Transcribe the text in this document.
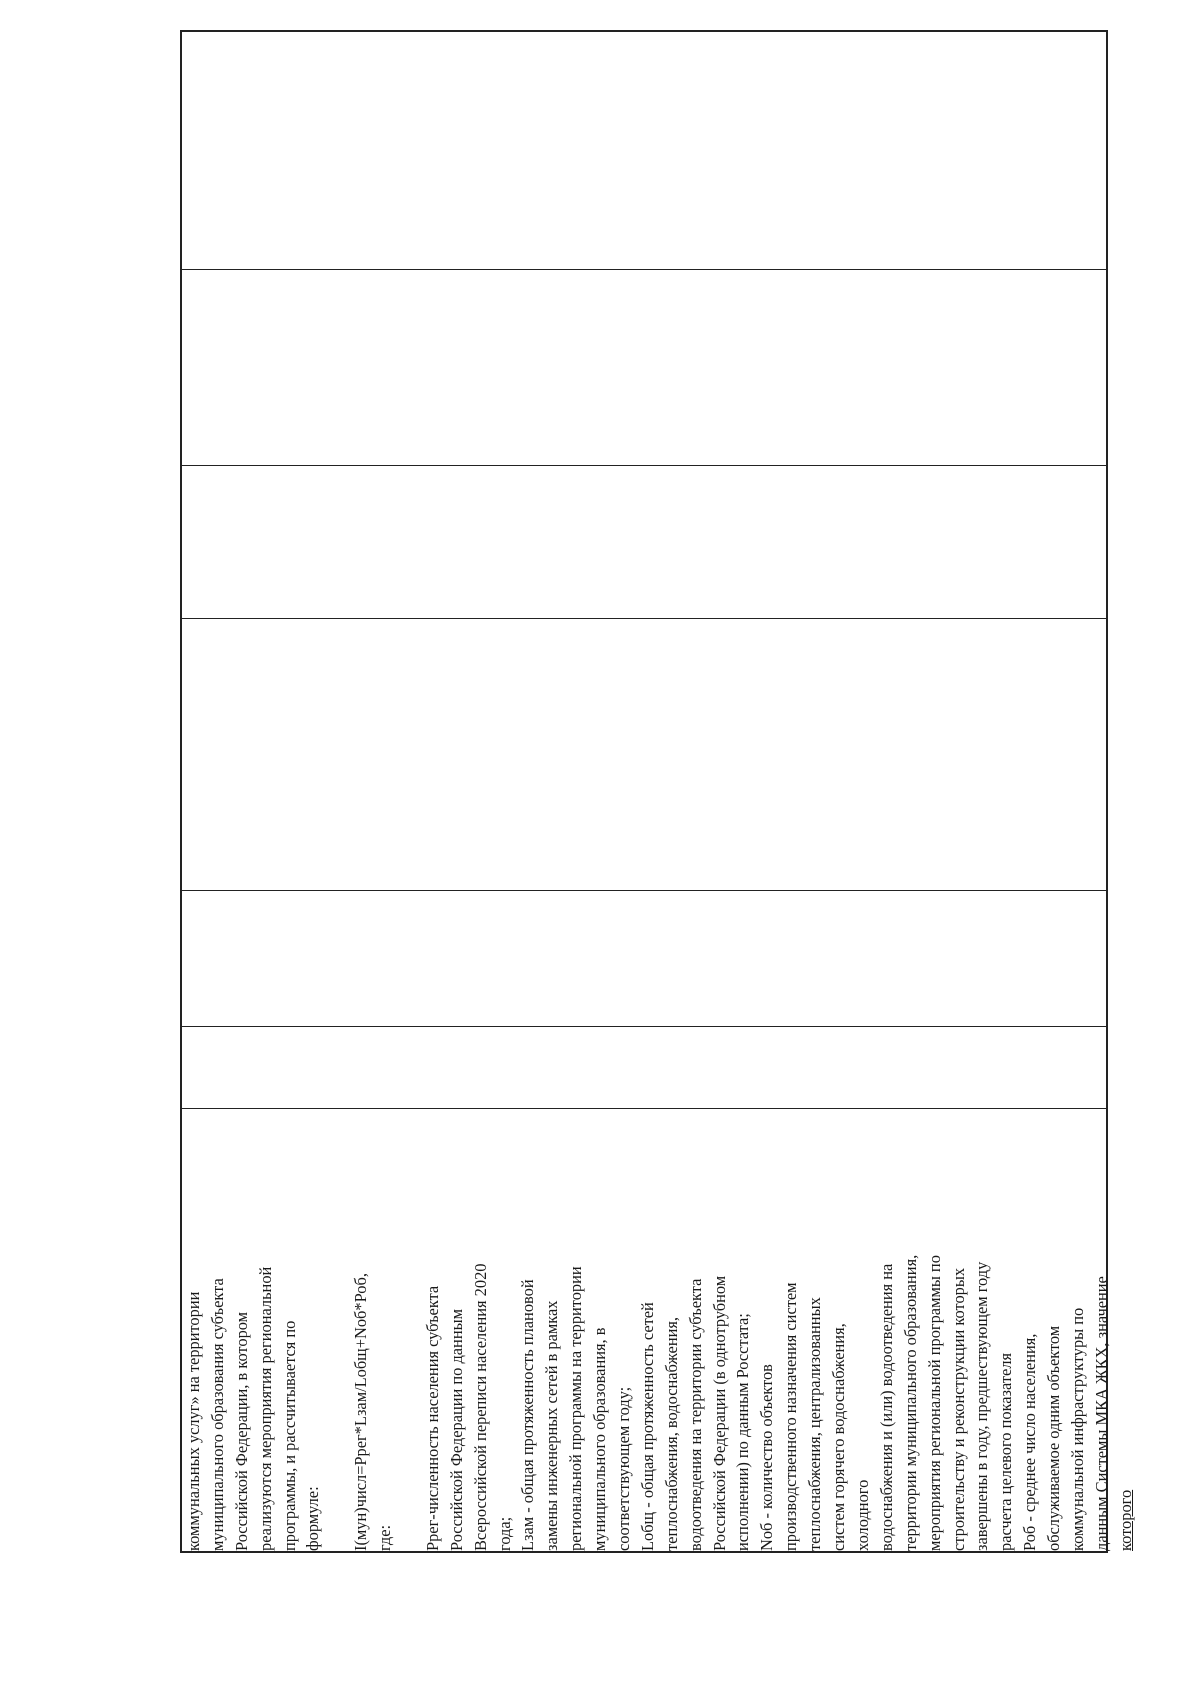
коммунальных услуг» на территории муниципального образования субъекта Российской Федерации, в котором реализуются мероприятия региональной программы, и рассчитывается по формуле: I(мун)числ=Ррег*Lзам/Lобщ+Nоб*Роб, где: Ррег-численность населения субъекта Российской Федерации по данным Всероссийской переписи населения 2020 года; Lзам - общая протяженность плановой замены инженерных сетей в рамках региональной программы на территории муниципального образования, в соответствующем году; Lобщ - общая протяженность сетей теплоснабжения, водоснабжения, водоотведения на территории субъекта Российской Федерации (в однотрубном исполнении) по данным Росстата; Nоб - количество объектов производственного назначения систем теплоснабжения, централизованных систем горячего водоснабжения, холодного водоснабжения и (или) водоотведения на территории муниципального образования, мероприятия региональной программы по строительству и реконструкции которых завершены в году, предшествующем году расчета целевого показателя Роб - среднее число населения, обслуживаемое одним объектом коммунальной инфраструктуры по данным Системы МКА ЖКХ, значение которого
